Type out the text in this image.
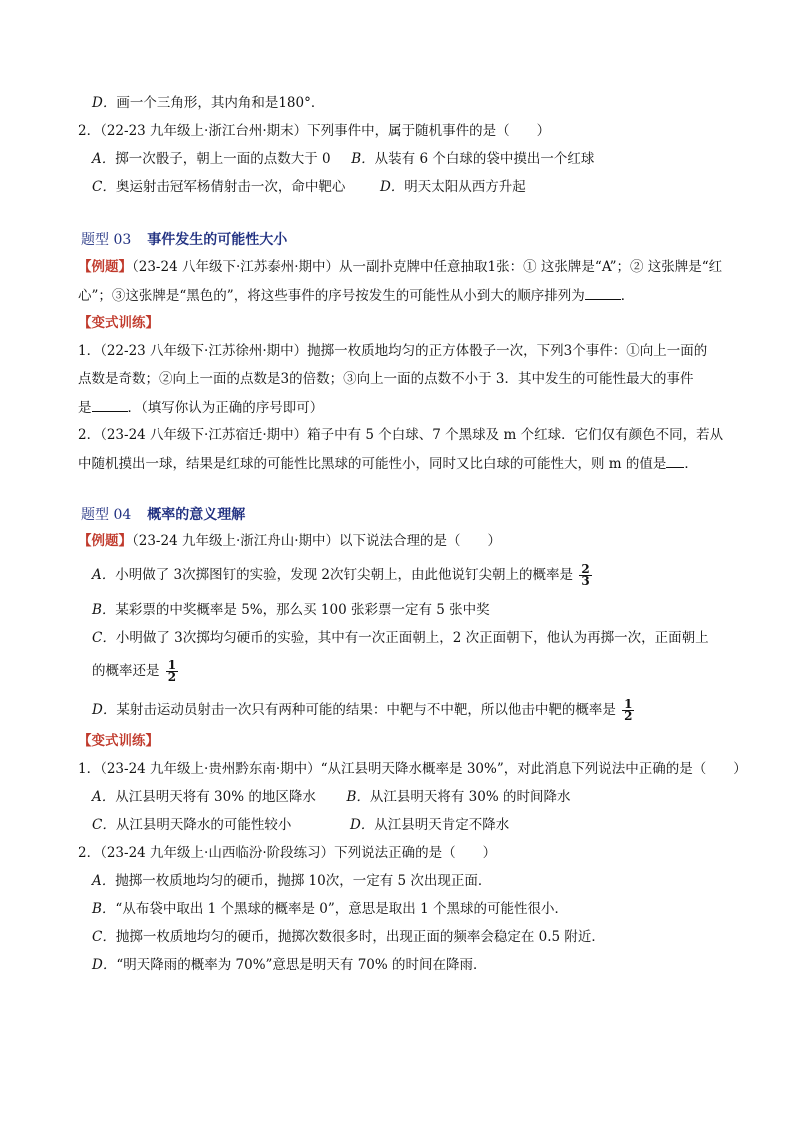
D．画一个三角形，其内角和是180°．
2．（22-23 九年级上·浙江台州·期末）下列事件中，属于随机事件的是（　　）
A．掷一次骰子，朝上一面的点数大于 0 B．从装有 6 个白球的袋中摸出一个红球
C．奥运射击冠军杨倩射击一次，命中靶心	D．明天太阳从西方升起
题型 03 事件发生的可能性大小
【例题】（23-24 八年级下·江苏泰州·期中）从一副扑克牌中任意抽取1张：① 这张牌是“A”；② 这张牌是“红
心”；③这张牌是“黑色的”，将这些事件的序号按发生的可能性从小到大的顺序排列为	．
【变式训练】
1．（22-23 八年级下·江苏徐州·期中）抛掷一枚质地均匀的正方体骰子一次，下列3个事件：①向上一面的
点数是奇数；②向上一面的点数是3的倍数；③向上一面的点数不小于 3．其中发生的可能性最大的事件
是	．（填写你认为正确的序号即可）
2．（23-24 八年级下·江苏宿迁·期中）箱子中有 5 个白球、7 个黑球及 m 个红球．它们仅有颜色不同，若从
中随机摸出一球，结果是红球的可能性比黑球的可能性小，同时又比白球的可能性大，则 m 的值是 ．
题型 04 概率的意义理解
【例题】（23-24 九年级上·浙江舟山·期中）以下说法合理的是（　　）
A．小明做了 3次掷图钉的实验，发现 2次钉尖朝上，由此他说钉尖朝上的概率是 $\frac{2}{3}$
B．某彩票的中奖概率是 5%，那么买 100 张彩票一定有 5 张中奖
C．小明做了 3次掷均匀硬币的实验，其中有一次正面朝上，2 次正面朝下，他认为再掷一次，正面朝上
的概率还是 $\frac{1}{2}$
D．某射击运动员射击一次只有两种可能的结果：中靶与不中靶，所以他击中靶的概率是 $\frac{1}{2}$
【变式训练】
1．（23-24 九年级上·贵州黔东南·期中）“从江县明天降水概率是 30%”，对此消息下列说法中正确的是（　　）
A．从江县明天将有 30% 的地区降水 B．从江县明天将有 30% 的时间降水
C．从江县明天降水的可能性较小	D．从江县明天肯定不降水
2．（23-24 九年级上·山西临汾·阶段练习）下列说法正确的是（　　）
A．抛掷一枚质地均匀的硬币，抛掷 10次，一定有 5 次出现正面．
B．“从布袋中取出 1 个黑球的概率是 0”，意思是取出 1 个黑球的可能性很小．
C．抛掷一枚质地均匀的硬币，抛掷次数很多时，出现正面的频率会稳定在 0.5 附近．
D．“明天降雨的概率为 70%”意思是明天有 70% 的时间在降雨．
